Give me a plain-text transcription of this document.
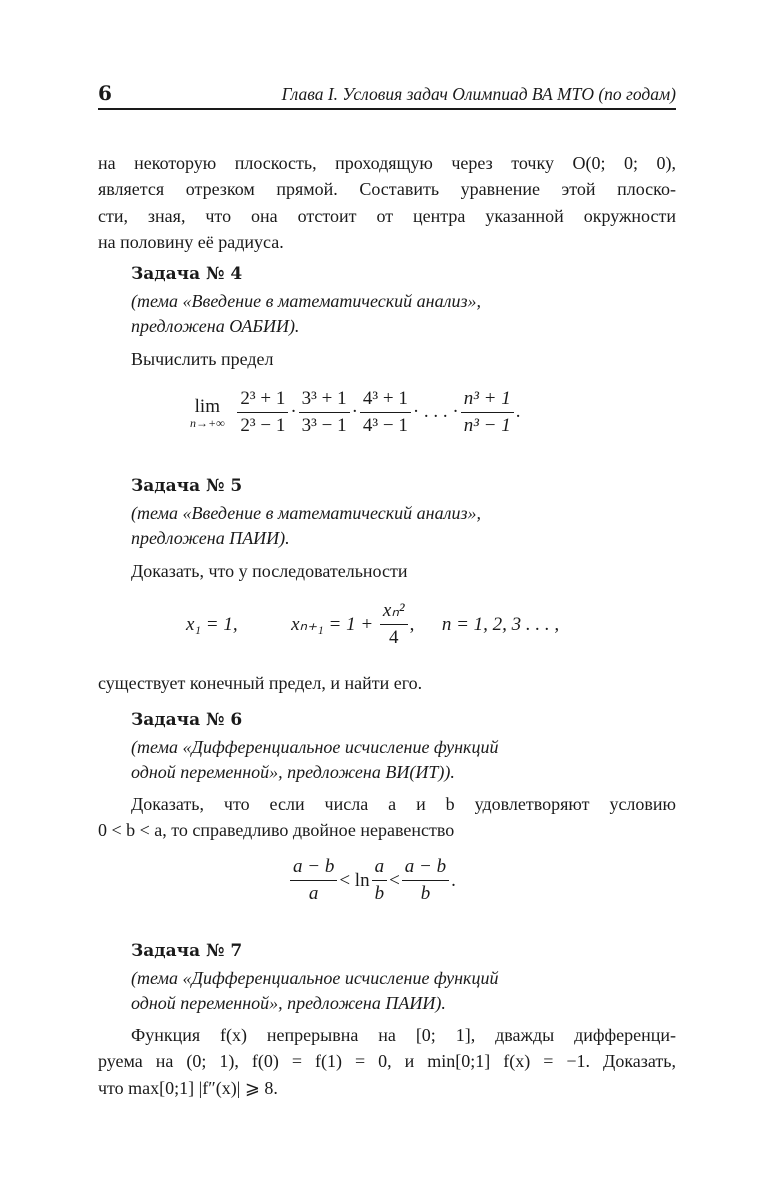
6	Глава I. Условия задач Олимпиад ВА МТО (по годам)
на некоторую плоскость, проходящую через точку O(0; 0; 0),
является отрезком прямой. Составить уравнение этой плоско-
сти, зная, что она отстоит от центра указанной окружности
на половину её радиуса.
Задача № 4
(тема «Введение в математический анализ»,
предложена ОАБИИ).
Вычислить предел
lim
n→+∞
$\frac{\text{2³ + 1}}{\text{2³ − 1}} \cdot \frac{\text{3³ + 1}}{\text{3³ − 1}} \cdot \frac{\text{4³ + 1}}{\text{4³ − 1}}$ · . . . · $\frac{\text{n³ + 1}}{\text{n³ − 1}}$ .
Задача № 5
(тема «Введение в математический анализ»,
предложена ПАИИ).
Доказать, что у последовательности
x₁ = 1,	$x_{n+1} = 1 + \frac{\text{xₙ²}}{4}$ , n = 1, 2, 3 . . . ,
существует конечный предел, и найти его.
Задача № 6
(тема «Дифференциальное исчисление функций
одной переменной», предложена ВИ(ИТ)).
Доказать, что если числа a и b удовлетворяют условию
0 < b < a, то справедливо двойное неравенство
$\frac{a - b}{a} < \ln \frac{a}{b} < \frac{a - b}{b}$ .
Задача № 7
(тема «Дифференциальное исчисление функций
одной переменной», предложена ПАИИ).
Функция f(x) непрерывна на [0; 1], дважды дифференци-
руема на (0; 1), f(0) = f(1) = 0, и min[0;1] f(x) = −1. Доказать,
что max[0;1] |f″(x)| ⩾ 8.
